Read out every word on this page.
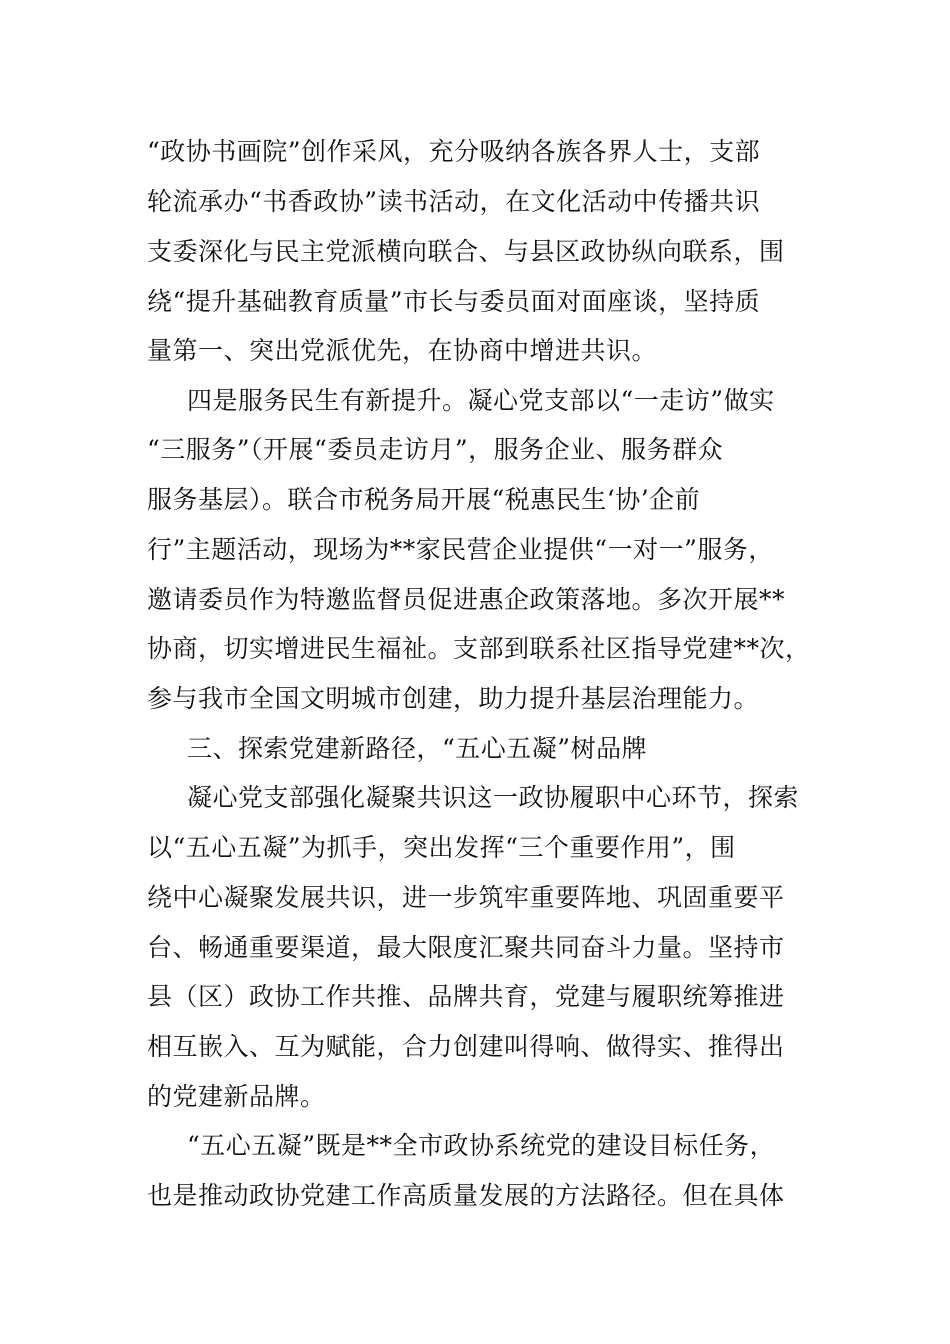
“政协书画院”创作采风，充分吸纳各族各界人士，支部
轮流承办“书香政协”读书活动，在文化活动中传播共识
支委深化与民主党派横向联合、与县区政协纵向联系，围
绕“提升基础教育质量”市长与委员面对面座谈，坚持质
量第一、突出党派优先，在协商中增进共识。
四是服务民生有新提升。凝心党支部以“一走访”做实
“三服务”（开展“委员走访月”，服务企业、服务群众
服务基层）。联合市税务局开展“税惠民生‘协’企前
行”主题活动，现场为**家民营企业提供“一对一”服务，
邀请委员作为特邀监督员促进惠企政策落地。多次开展**
协商，切实增进民生福祉。支部到联系社区指导党建**次，
参与我市全国文明城市创建，助力提升基层治理能力。
三、探索党建新路径，“五心五凝”树品牌
凝心党支部强化凝聚共识这一政协履职中心环节，探索
以“五心五凝”为抓手，突出发挥“三个重要作用”，围
绕中心凝聚发展共识，进一步筑牢重要阵地、巩固重要平
台、畅通重要渠道，最大限度汇聚共同奋斗力量。坚持市
县（区）政协工作共推、品牌共育，党建与履职统筹推进
相互嵌入、互为赋能，合力创建叫得响、做得实、推得出
的党建新品牌。
“五心五凝”既是**全市政协系统党的建设目标任务，
也是推动政协党建工作高质量发展的方法路径。但在具体
